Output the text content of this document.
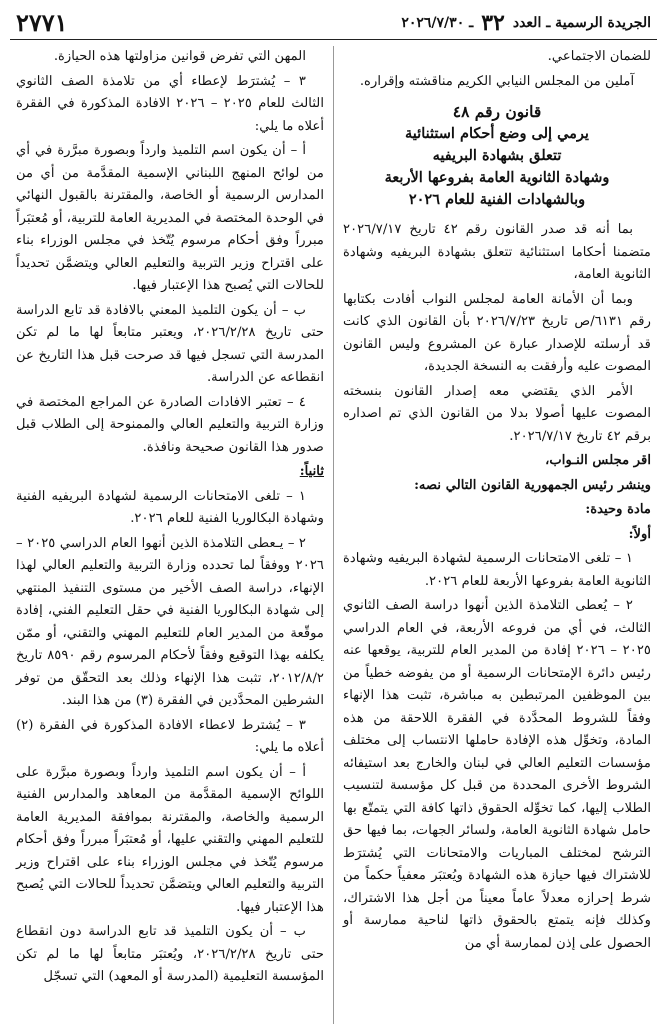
الجريدة الرسمية ـ العدد
٣٢
ـ ٢٠٢٦/٧/٣٠
٢٧٧١

للضمان الاجتماعي.

آملين من المجلس النيابي الكريم مناقشته وإقراره.

قانون رقم ٤٨
يرمي إلى وضع أحكام استثنائية
تتعلق بشهادة البريفيه
وشهادة الثانوية العامة بفروعها الأربعة
وبالشهادات الفنية للعام ٢٠٢٦

بما أنه قد صدر القانون رقم ٤٢ تاريخ ٢٠٢٦/٧/١٧ متضمنا أحكاما استثنائية تتعلق بشهادة البريفيه وشهادة الثانوية العامة،

وبما أن الأمانة العامة لمجلس النواب أفادت بكتابها رقم ٦١٣١/ص تاريخ ٢٠٢٦/٧/٢٣ بأن القانون الذي كانت قد أرسلته للإصدار عبارة عن المشروع وليس القانون المصوت عليه وأرفقت به النسخة الجديدة،

الأمر الذي يقتضي معه إصدار القانون بنسخته المصوت عليها أصولا بدلا من القانون الذي تم اصداره برقم ٤٢ تاريخ ٢٠٢٦/٧/١٧.

اقر مجلس النـواب،

وينشر رئيس الجمهورية القانون التالي نصه:

مادة وحيدة:

أولاً:

١ – تلغى الامتحانات الرسمية لشهادة البريفيه وشهادة الثانوية العامة بفروعها الأربعة للعام ٢٠٢٦.

٢ – يُعطى التلامذة الذين أنهوا دراسة الصف الثانوي الثالث، في أي من فروعه الأربعة، في العام الدراسي ٢٠٢٥ – ٢٠٢٦ إفادة من المدير العام للتربية، يوقعها عنه رئيس دائرة الإمتحانات الرسمية أو من يفوضه خطياً من بين الموظفين المرتبطين به مباشرة، تثبت هذا الإنهاء وفقاً للشروط المحدَّدة في الفقرة اللاحقة من هذه المادة، وتخوِّل هذه الإفادة حاملها الانتساب إلى مختلف مؤسسات التعليم العالي في لبنان والخارج بعد استيفائه الشروط الأخرى المحددة من قبل كل مؤسسة لتنسيب الطلاب إليها، كما تخوِّله الحقوق ذاتها كافة التي يتمتّع بها حامل شهادة الثانوية العامة، ولسائر الجهات، بما فيها حق الترشح لمختلف المباريات والامتحانات التي يُشترَط للاشتراك فيها حيازة هذه الشهادة ويُعتبَر معفياً حكماً من شرط إحرازه معدلاً عاماً معيناً من أجل هذا الاشتراك، وكذلك فإنه يتمتع بالحقوق ذاتها لناحية ممارسة أو الحصول على إذن لممارسة أي من

المهن التي تفرض قوانين مزاولتها هذه الحيازة.

٣ – يُشترَط لإعطاء أي من تلامذة الصف الثانوي الثالث للعام ٢٠٢٥ – ٢٠٢٦ الافادة المذكورة في الفقرة أعلاه ما يلي:

أ – أن يكون اسم التلميذ وارداً وبصورة مبرَّرة في أي من لوائح المنهج اللبناني الإسمية المقدَّمة من أي من المدارس الرسمية أو الخاصة، والمقترنة بالقبول النهائي في الوحدة المختصة في المديرية العامة للتربية، أو مُعتبَراً مبرراً وفق أحكام مرسوم يُتّخذ في مجلس الوزراء بناء على اقتراح وزير التربية والتعليم العالي ويتضمَّن تحديداً للحالات التي يُصبح هذا الإعتبار فيها.

ب – أن يكون التلميذ المعني بالافادة قد تابع الدراسة حتى تاريخ ٢٠٢٦/٢/٢٨، ويعتبر متابعاً لها ما لم تكن المدرسة التي تسجل فيها قد صرحت قبل هذا التاريخ عن انقطاعه عن الدراسة.

٤ – تعتبر الافادات الصادرة عن المراجع المختصة في وزارة التربية والتعليم العالي والممنوحة إلى الطلاب قبل صدور هذا القانون صحيحة ونافذة.

ثانياً:

١ – تلغى الامتحانات الرسمية لشهادة البريفيه الفنية وشهادة البكالوريا الفنية للعام ٢٠٢٦.

٢ – يـعطى التلامذة الذين أنهوا العام الدراسي ٢٠٢٥ – ٢٠٢٦ ووفقاً لما تحدده وزارة التربية والتعليم العالي لهذا الإنهاء، دراسة الصف الأخير من مستوى التنفيذ المنتهي إلى شهادة البكالوريا الفنية في حقل التعليم الفني، إفادة موقّعة من المدير العام للتعليم المهني والتقني، أو ممّن يكلفه بهذا التوقيع وفقاً لأحكام المرسوم رقم ٨٥٩٠ تاريخ ٢٠١٢/٨/٢، تثبت هذا الإنهاء وذلك بعد التحقّق من توفر الشرطين المحدَّدين في الفقرة (٣) من هذا البند.

٣ – يُشترط لاعطاء الافادة المذكورة في الفقرة (٢) أعلاه ما يلي:

أ – أن يكون اسم التلميذ وارداً وبصورة مبرَّرة على اللوائح الإسمية المقدَّمة من المعاهد والمدارس الفنية الرسمية والخاصة، والمقترنة بموافقة المديرية العامة للتعليم المهني والتقني عليها، أو مُعتبَراً مبرراً وفق أحكام مرسوم يُتّخذ في مجلس الوزراء بناء على اقتراح وزير التربية والتعليم العالي ويتضمَّن تحديداً للحالات التي يُصبح هذا الإعتبار فيها.

ب – أن يكون التلميذ قد تابع الدراسة دون انقطاع حتى تاريخ ٢٠٢٦/٢/٢٨، ويُعتبَر متابعاً لها ما لم تكن المؤسسة التعليمية (المدرسة أو المعهد) التي تسجّل
